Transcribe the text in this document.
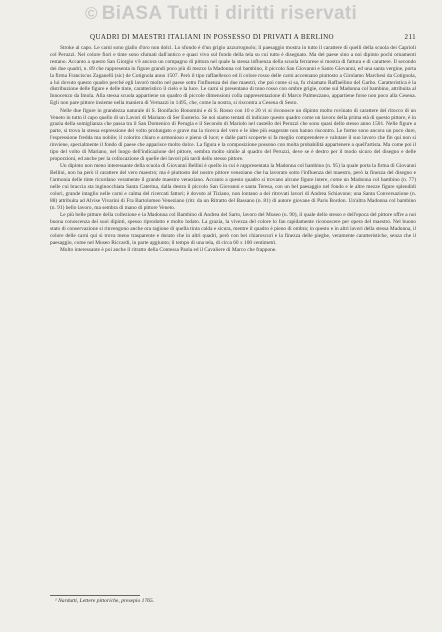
© BiASA Tutti i diritti riservati
QUADRI DI MAESTRI ITALIANI IN POSSESSO DI PRIVATI A BERLINO	211

Stroke al capo. Le carni sono giallo d'oro non dolci. Lo sfondo è d'un grigio azzurrognolo; il paesaggio mostra in tutto il carattere di quelli della scuola dei Caprioli col Peruzzi. Nel colore fiori e tinte sono sfumati dall'antico e quasi vivo sul fondo della tela su cui tutto è disegnato. Ma del paese sino a noi dipinto pochi ornamenti restano. Accanto a questo San Giorgio v'è ancora un compagno di pittura nel quale la stessa influenza della scuola ferrarese si mostra di fattura e di carattere. Il secondo dei due quadri, n. 89 che rappresenta in figure grandi poco più di mezzo la Madonna col bambino, il piccolo San Giovanni e Santo Giovanni, ed una santa vergine, porta la firma Franciscus Zaganelli (sic) de Cotignola anno 1507. Però il tipo raffaellesco ed il colore rosso delle carni accennano piuttosto a Girolamo Marchesi da Cotignola, a lui dovuto questo quadro perché egli lavorò molto nel paese sotto l'influenza dei due maestri, che poi come si sa, fu chiamato Raffaellino del Garbo. Caratteristica è la distribuzione delle figure e delle tinte, caratteristico il cielo e la luce. Le carni si presentano di tono rosso con ombre grigie, come sul Madonna col bambino, attribuita al Innocenzo da Imola. Alla stessa scuola appartiene un quadro di piccole dimensioni colla rappresentazione di Marco Palmezzano, appartiene forse non poco alla Cesena. Egli non pare pittore insieme nella maniera di Vernazzi in 1495, che, come la nostra, si riscontra a Cesena di Sesto.

Nelle due figure in grandezza naturale di S. Bonifacio Bonomini e di S. Rosso con 10 e 20 vi si riconosce un dipinto molto rovinato di carattere del ritocco di un Veneto in tutto il capo quello di un Lavori di Mariano di Ser Eusterio. Se noi siamo tentati di indicare questo quadro come un lavoro della prima età di questo pittore, è in grazia della somiglianza che passa tra il San Domenico di Perugia e il Secondo di Mariolo nel castello dei Peruzzi che sono quasi dello stesso anno 1501. Nelle figure a parte, si trova la stessa espressione del volto prolungato e grave ma la ricerca del vero e le idee più esagerate non hanno riscontro. Le forme sono ancora un poco dure, l'espressione fredda ma nobile; il colorito chiaro e armonioso e pieno di luce; e dalle parti scoperte si fa meglio comprendere e valutare il suo lavoro che fin qui non si rinviene, specialmente il fondo di paese che apparisce molto dolce. La figura e la composizione possono con molta probabilità appartenere a quell'artista. Ma come poi il tipo del volto di Mariano, nel luogo dell'indicazione del pittore, sembra molto simile al quadro del Peruzzi, deve se è destro per il modo sicuro del disegno e delle proporzioni, ed anche per la collocazione di quelle dei lavori più tardi dello stesso pittore.

Un dipinto non meno interessante della scuola di Giovanni Bellini è quello in cui è rappresentata la Madonna col bambino (n. 95) la quale porta la firma di Giovanni Bellini, non ha però il carattere del vero maestro; ma è piuttosto del nostro pittore veneziano che ha lavorato sotto l'influenza del maestro, però la finezza del disegno e l'armonia delle tinte ricordano veramente il grande maestro veneziano. Accanto a questo quadro si trovano alcune figure intere, come un Madonna col bambino (n. 77) nelle cui braccia sta inginocchiata Santa Caterina, dalla destra il piccolo San Giovanni e santa Teresa, con un bel paesaggio nel fondo e le altre mezze figure splendidi colori, grande intaglio nelle carni e calma del ricercati fattori; è dovuto al Tiziano, non lontano a dei ritrovati lavori di Andrea Schiavone; una Santa Conversazione (n. 88) attribuita ad Alvise Vivarini di Fra Bartolomeo Veneziano (ritr. da un Ritratto del Bassano (n. 81) di autore giovane di Paris Bordon. Un'altra Madonna col bambino (n. 91) bello lavoro, ma sembra di mano di pittore Veneto.

Le più belle pitture della collezione e la Madonna col Bambino di Andrea del Sarto, lavoro del Museo (n. 90), il quale dello stesso e dell'epoca del pittore offre a noi buona conoscenza dei suoi dipinti, spesso riprodotto e molto lodato. La grazia, la vivezza del colore lo fan rapidamente riconoscere per opera del maestro. Nel buono stato di conservazione si rinvengono anche ora ragione di quella tinta calda e sicura, mentre il quadro è pieno di ombra; in questo e in altri lavori della stessa Madonna, il colore delle carni qui si trova meno trasparente e dorato che in altri quadri, però con bei chiaroscuri e la finezza delle pieghe, veramente caratteristiche, senza che il paesaggio, come nel Museo Riccardi, in parte aggiunto; il tempo di una tela, di circa 60 x 100 centimetri.

Molto interessante è poi anche il ritratto della Contessa Paola ed il Cavaliere di Marco che frappone.

¹ Nardutti, Lettere pittoriche, presepio 1765.
